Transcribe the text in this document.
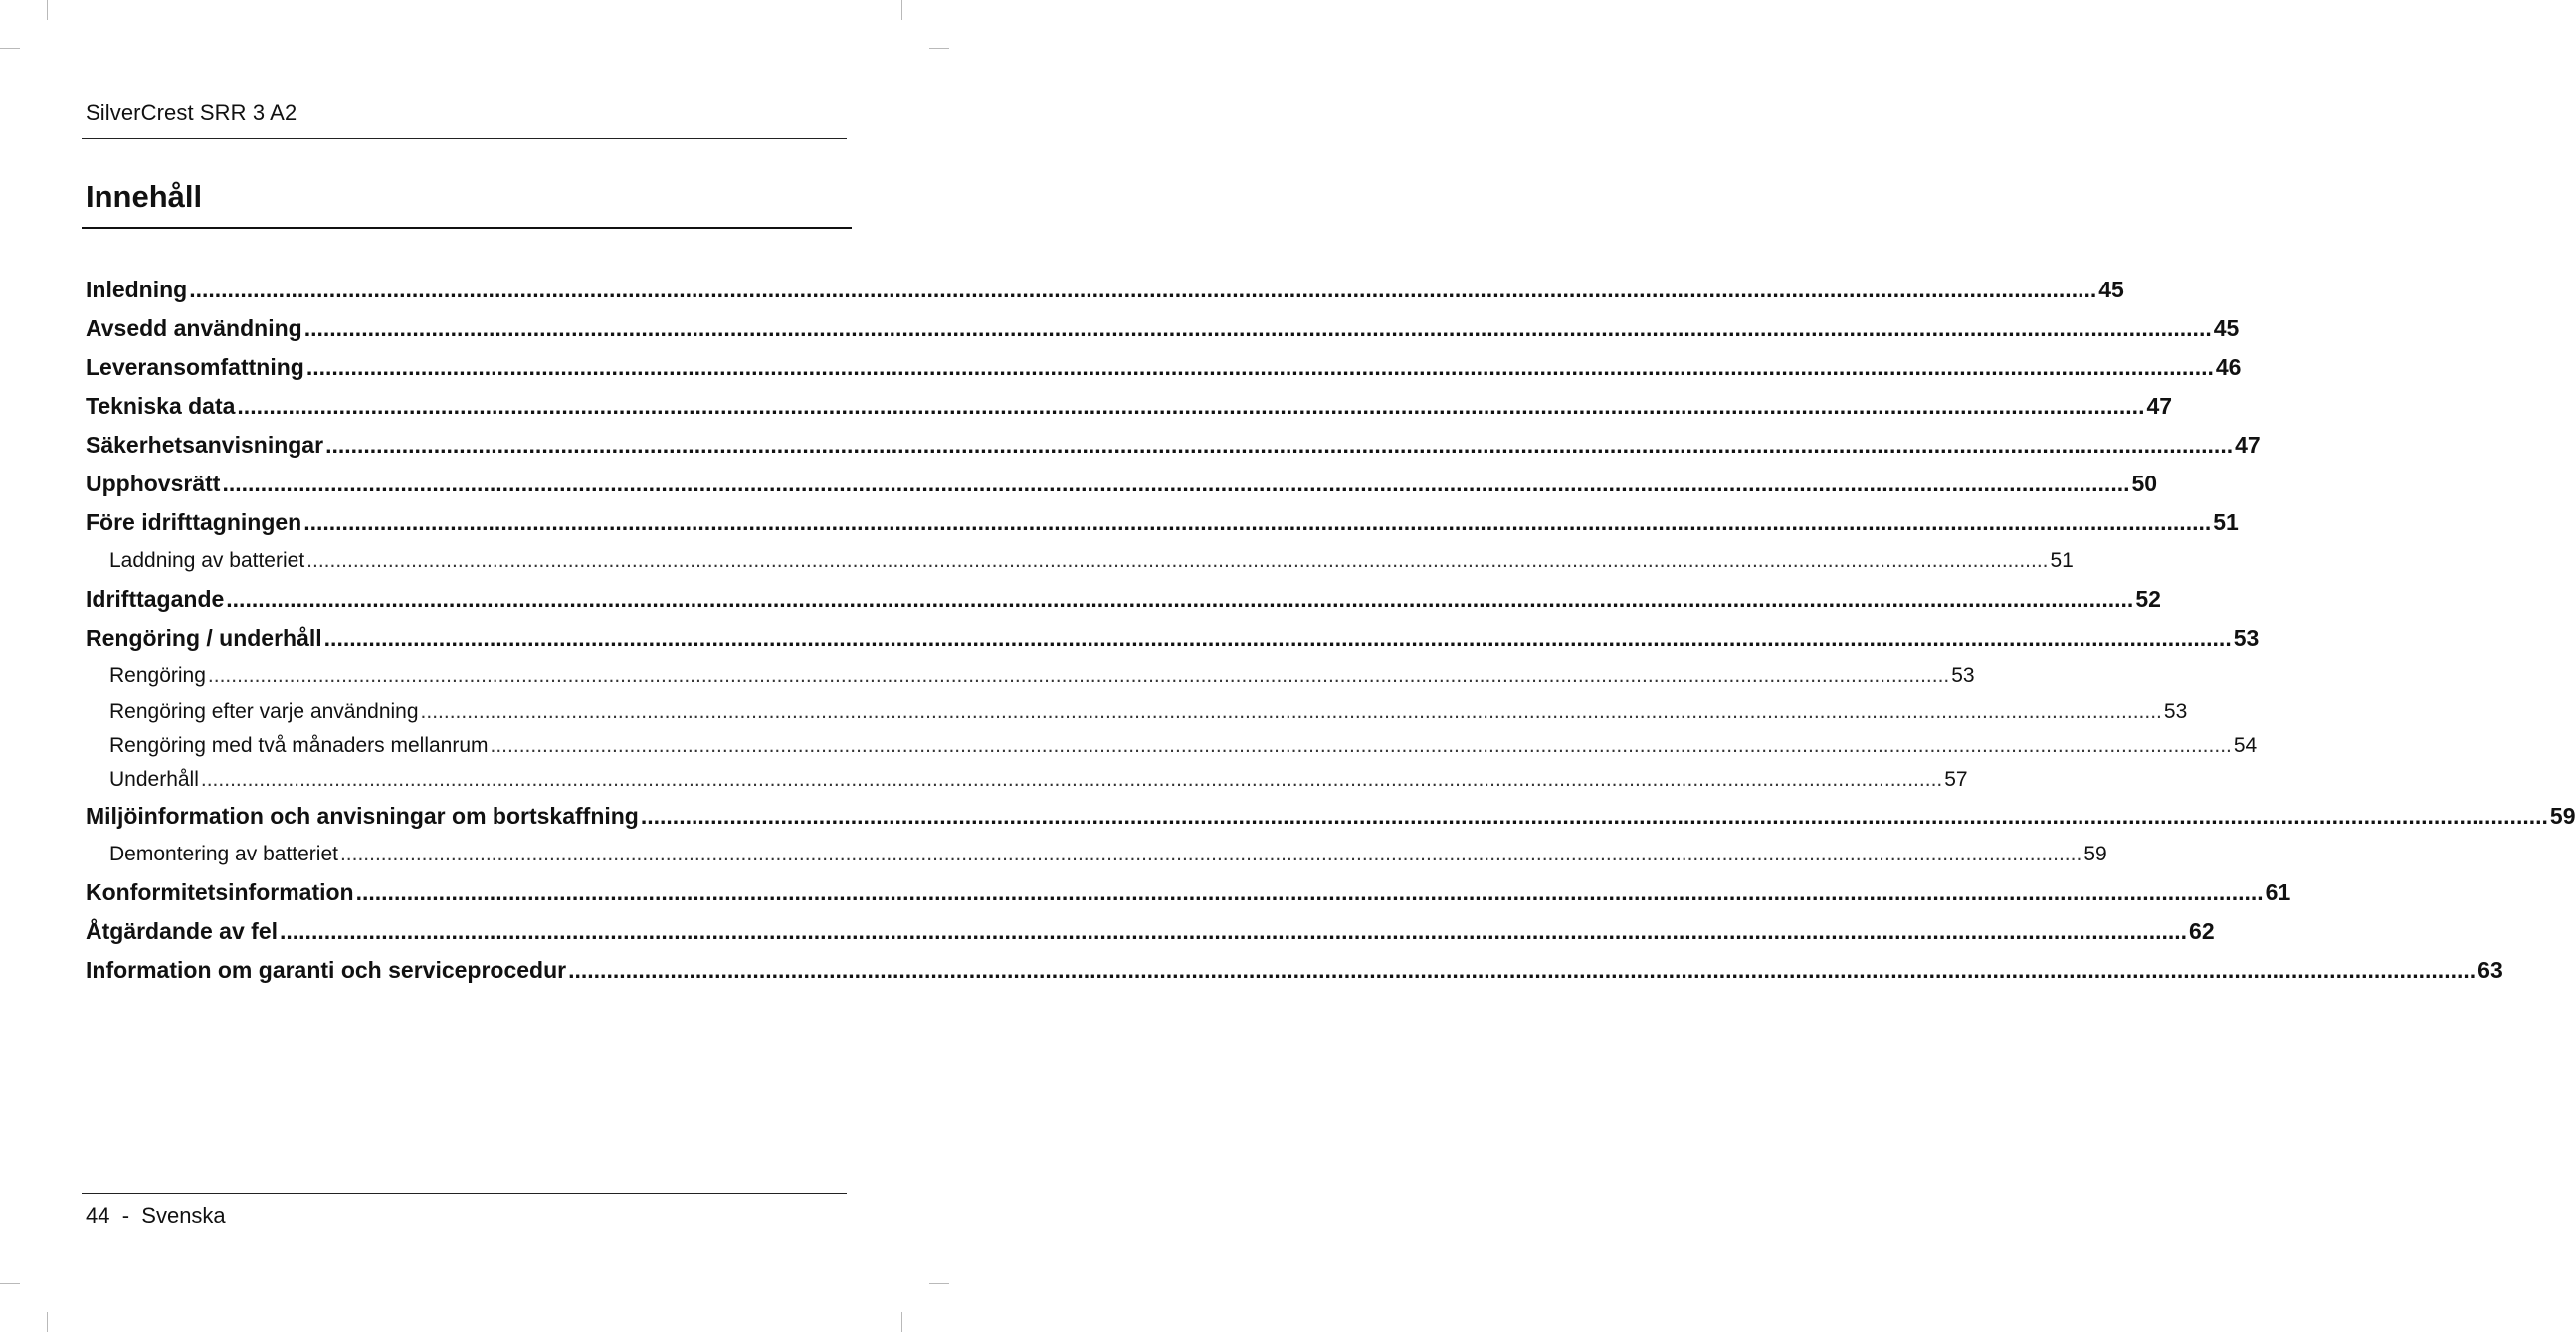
SilverCrest SRR 3 A2
Innehåll
Inledning ............................................................................................................................................................................................................................................................................................................ 45
Avsedd användning ............................................................................................................................................................................................................................................................................................................ 45
Leveransomfattning ............................................................................................................................................................................................................................................................................................................ 46
Tekniska data ............................................................................................................................................................................................................................................................................................................ 47
Säkerhetsanvisningar ............................................................................................................................................................................................................................................................................................................ 47
Upphovsrätt ............................................................................................................................................................................................................................................................................................................ 50
Före idrifttagningen ............................................................................................................................................................................................................................................................................................................ 51
Laddning av batteriet ............................................................................................................................................................................................................................................................................................................ 51
Idrifttagande ............................................................................................................................................................................................................................................................................................................ 52
Rengöring / underhåll ............................................................................................................................................................................................................................................................................................................ 53
Rengöring ............................................................................................................................................................................................................................................................................................................ 53
Rengöring efter varje användning ............................................................................................................................................................................................................................................................................................................ 53
Rengöring med två månaders mellanrum ............................................................................................................................................................................................................................................................................................................ 54
Underhåll ............................................................................................................................................................................................................................................................................................................ 57
Miljöinformation och anvisningar om bortskaffning ............................................................................................................................................................................................................................................................................................................ 59
Demontering av batteriet ............................................................................................................................................................................................................................................................................................................ 59
Konformitetsinformation ............................................................................................................................................................................................................................................................................................................ 61
Åtgärdande av fel ............................................................................................................................................................................................................................................................................................................ 62
Information om garanti och serviceprocedur ............................................................................................................................................................................................................................................................................................................ 63
44 - Svenska
